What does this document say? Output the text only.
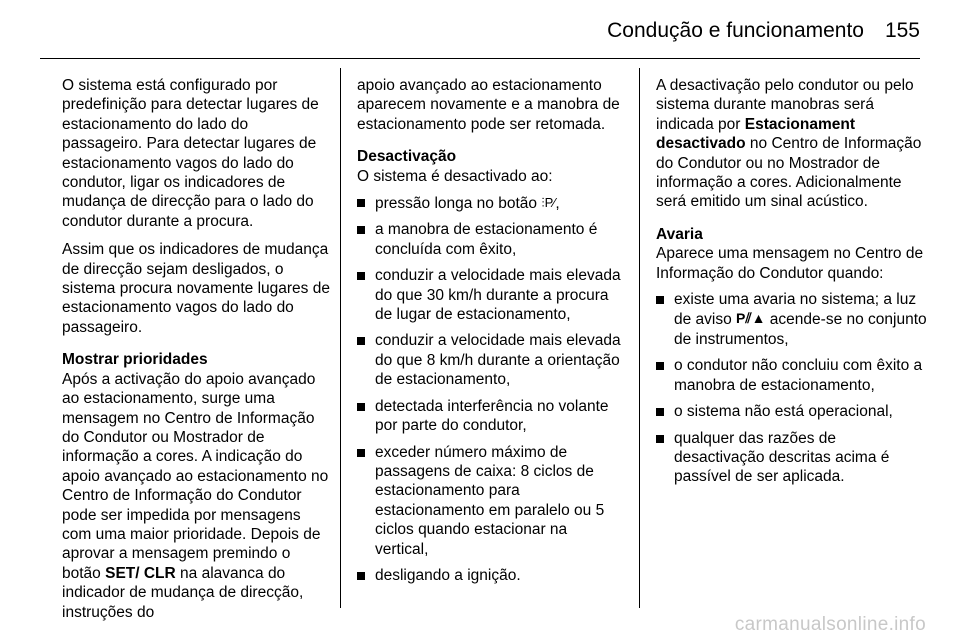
Condução e funcionamento 155

O sistema está configurado por predefinição para detectar lugares de estacionamento do lado do passageiro. Para detectar lugares de estacionamento vagos do lado do condutor, ligar os indicadores de mudança de direcção para o lado do condutor durante a procura.

Assim que os indicadores de mudança de direcção sejam desligados, o sistema procura novamente lugares de estacionamento vagos do lado do passageiro.

Mostrar prioridades

Após a activação do apoio avançado ao estacionamento, surge uma mensagem no Centro de Informação do Condutor ou Mostrador de informação a cores. A indicação do apoio avançado ao estacionamento no Centro de Informação do Condutor pode ser impedida por mensagens com uma maior prioridade. Depois de aprovar a mensagem premindo o botão SET/ CLR na alavanca do indicador de mudança de direcção, instruções do

apoio avançado ao estacionamento aparecem novamente e a manobra de estacionamento pode ser retomada.

Desactivação

O sistema é desactivado ao:

pressão longa no botão ⫶P⁄,
a manobra de estacionamento é concluída com êxito,
conduzir a velocidade mais elevada do que 30 km/h durante a procura de lugar de estacionamento,
conduzir a velocidade mais elevada do que 8 km/h durante a orientação de estacionamento,
detectada interferência no volante por parte do condutor,
exceder número máximo de passagens de caixa: 8 ciclos de estacionamento para estacionamento em paralelo ou 5 ciclos quando estacionar na vertical,
desligando a ignição.

A desactivação pelo condutor ou pelo sistema durante manobras será indicada por Estacionament desactivado no Centro de Informação do Condutor ou no Mostrador de informação a cores. Adicionalmente será emitido um sinal acústico.

Avaria

Aparece uma mensagem no Centro de Informação do Condutor quando:

existe uma avaria no sistema; a luz de aviso P⫽▲ acende-se no conjunto de instrumentos,
o condutor não concluiu com êxito a manobra de estacionamento,
o sistema não está operacional,
qualquer das razões de desactivação descritas acima é passível de ser aplicada.
carmanualsonline.info
